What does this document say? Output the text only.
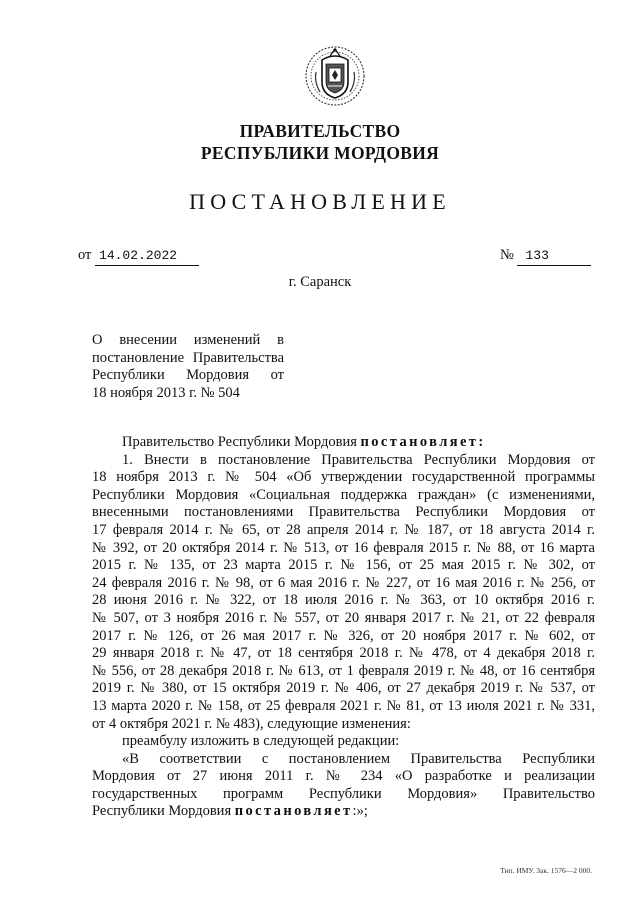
ПРАВИТЕЛЬСТВО
РЕСПУБЛИКИ МОРДОВИЯ
ПОСТАНОВЛЕНИЕ
от 14.02.2022	№ 133
г. Саранск
О внесении изменений в
постановление Правительства
Республики Мордовия от
18 ноября 2013 г. № 504
Правительство Республики Мордовия постановляет:
1. Внести в постановление Правительства Республики Мордовия от
18 ноября 2013 г. № 504 «Об утверждении государственной программы
Республики Мордовия «Социальная поддержка граждан» (с изменениями,
внесенными постановлениями Правительства Республики Мордовия от
17 февраля 2014 г. № 65, от 28 апреля 2014 г. № 187, от 18 августа 2014 г.
№ 392, от 20 октября 2014 г. № 513, от 16 февраля 2015 г. № 88, от 16 марта
2015 г. № 135, от 23 марта 2015 г. № 156, от 25 мая 2015 г. № 302, от
24 февраля 2016 г. № 98, от 6 мая 2016 г. № 227, от 16 мая 2016 г. № 256, от
28 июня 2016 г. № 322, от 18 июля 2016 г. № 363, от 10 октября 2016 г.
№ 507, от 3 ноября 2016 г. № 557, от 20 января 2017 г. № 21, от 22 февраля
2017 г. № 126, от 26 мая 2017 г. № 326, от 20 ноября 2017 г. № 602, от
29 января 2018 г. № 47, от 18 сентября 2018 г. № 478, от 4 декабря 2018 г.
№ 556, от 28 декабря 2018 г. № 613, от 1 февраля 2019 г. № 48, от 16 сентября
2019 г. № 380, от 15 октября 2019 г. № 406, от 27 декабря 2019 г. № 537, от
13 марта 2020 г. № 158, от 25 февраля 2021 г. № 81, от 13 июля 2021 г. № 331,
от 4 октября 2021 г. № 483), следующие изменения:
преамбулу изложить в следующей редакции:
«В соответствии с постановлением Правительства Республики
Мордовия от 27 июня 2011 г. № 234 «О разработке и реализации
государственных программ Республики Мордовия» Правительство
Республики Мордовия постановляет:»;
Тип. ИМУ. Зак. 1576—2 000.
